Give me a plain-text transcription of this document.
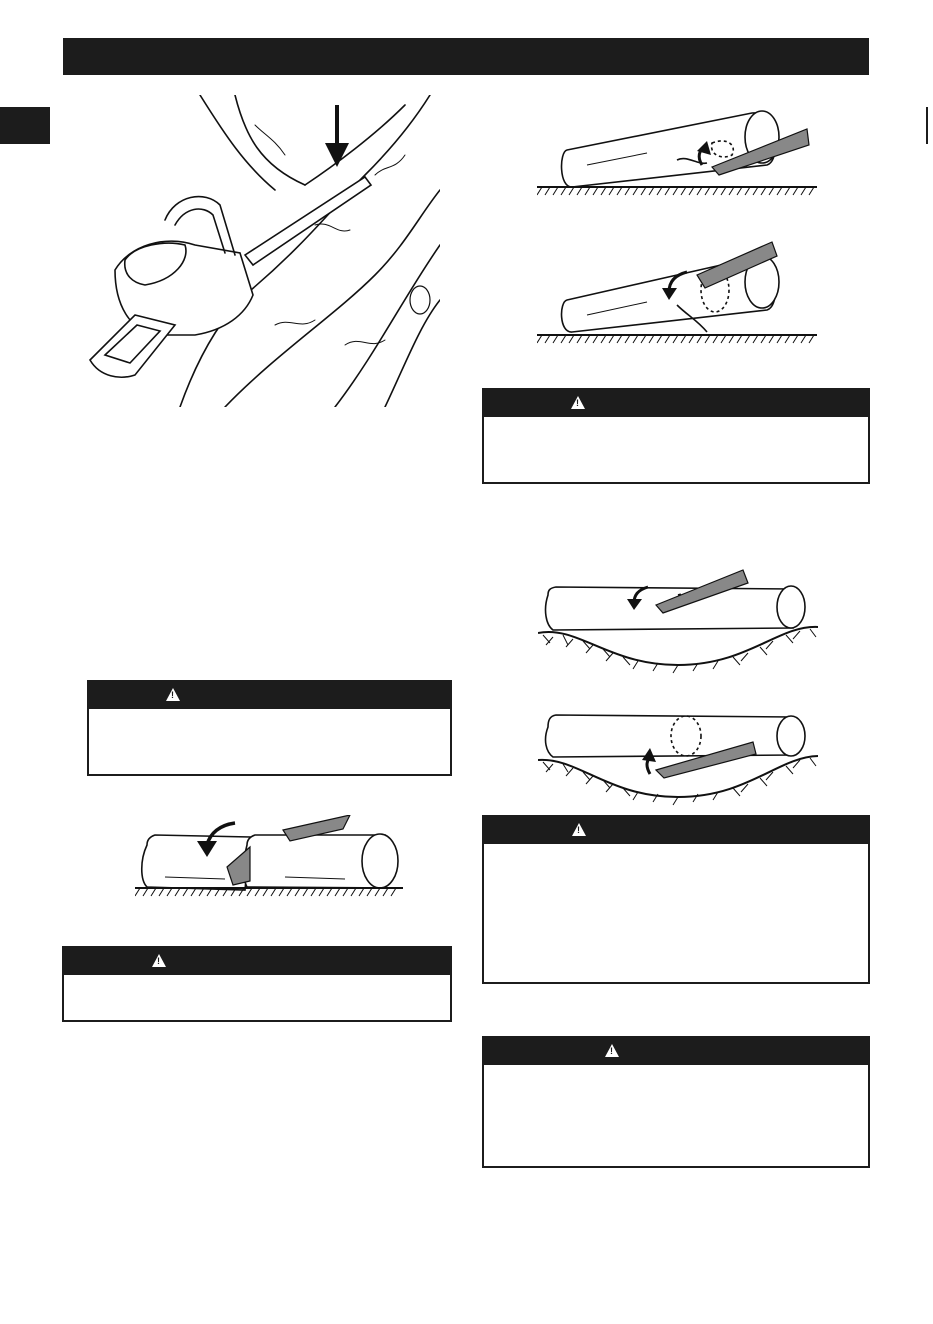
!
!
!
!
!
